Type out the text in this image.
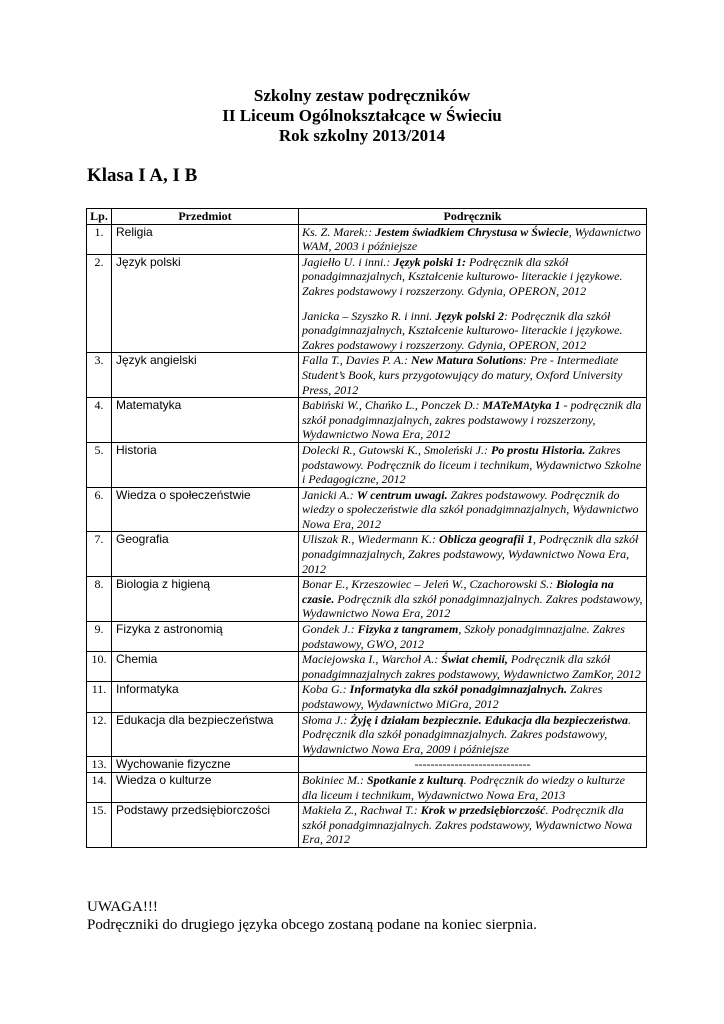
Szkolny zestaw podręczników
II Liceum Ogólnokształcące w Świeciu
Rok szkolny 2013/2014
Klasa I A, I B
Lp.	Przedmiot	Podręcznik
1.	Religia	Ks. Z. Marek:: Jestem świadkiem Chrystusa w Świecie, Wydawnictwo WAM, 2003 i późniejsze
2.	Język polski	Jagiełło U. i inni.: Język polski 1: Podręcznik dla szkół ponadgimnazjalnych, Kształcenie kulturowo- literackie i językowe. Zakres podstawowy i rozszerzony. Gdynia, OPERON, 2012
Janicka – Szyszko R. i inni. Język polski 2: Podręcznik dla szkół ponadgimnazjalnych, Kształcenie kulturowo- literackie i językowe. Zakres podstawowy i rozszerzony. Gdynia, OPERON, 2012

3.	Język angielski	Falla T., Davies P. A.: New Matura Solutions: Pre - Intermediate Student’s Book, kurs przygotowujący do matury, Oxford University Press, 2012
4.	Matematyka	Babiński W., Chańko L., Ponczek D.: MATeMAtyka 1 - podręcznik dla szkół ponadgimnazjalnych, zakres podstawowy i rozszerzony, Wydawnictwo Nowa Era, 2012
5.	Historia	Dolecki R., Gutowski K., Smoleński J.: Po prostu Historia. Zakres podstawowy. Podręcznik do liceum i technikum, Wydawnictwo Szkolne i Pedagogiczne, 2012
6.	Wiedza o społeczeństwie	Janicki A.: W centrum uwagi. Zakres podstawowy. Podręcznik do wiedzy o społeczeństwie dla szkół ponadgimnazjalnych, Wydawnictwo Nowa Era, 2012
7.	Geografia	Uliszak R., Wiedermann K.: Oblicza geografii 1, Podręcznik dla szkół ponadgimnazjalnych, Zakres podstawowy, Wydawnictwo Nowa Era, 2012
8.	Biologia z higieną	Bonar E., Krzeszowiec – Jeleń W., Czachorowski S.: Biologia na czasie. Podręcznik dla szkół ponadgimnazjalnych. Zakres podstawowy, Wydawnictwo Nowa Era, 2012
9.	Fizyka z astronomią	Gondek J.: Fizyka z tangramem, Szkoły ponadgimnazjalne. Zakres podstawowy, GWO, 2012
10.	Chemia	Maciejowska I., Warchoł A.: Świat chemii, Podręcznik dla szkół ponadgimnazjalnych zakres podstawowy, Wydawnictwo ZamKor, 2012
11.	Informatyka	Koba G.: Informatyka dla szkół ponadgimnazjalnych. Zakres podstawowy, Wydawnictwo MiGra, 2012
12.	Edukacja dla bezpieczeństwa	Słoma J.: Żyję i działam bezpiecznie. Edukacja dla bezpieczeństwa. Podręcznik dla szkół ponadgimnazjalnych. Zakres podstawowy, Wydawnictwo Nowa Era, 2009 i późniejsze
13.	Wychowanie fizyczne	-----------------------------
14.	Wiedza o kulturze	Bokiniec M.: Spotkanie z kulturą. Podręcznik do wiedzy o kulturze dla liceum i technikum, Wydawnictwo Nowa Era, 2013
15.	Podstawy przedsiębiorczości	Makieła Z., Rachwał T.: Krok w przedsiębiorczość. Podręcznik dla szkół ponadgimnazjalnych. Zakres podstawowy, Wydawnictwo Nowa Era, 2012
UWAGA!!!
Podręczniki do drugiego języka obcego zostaną podane na koniec sierpnia.
